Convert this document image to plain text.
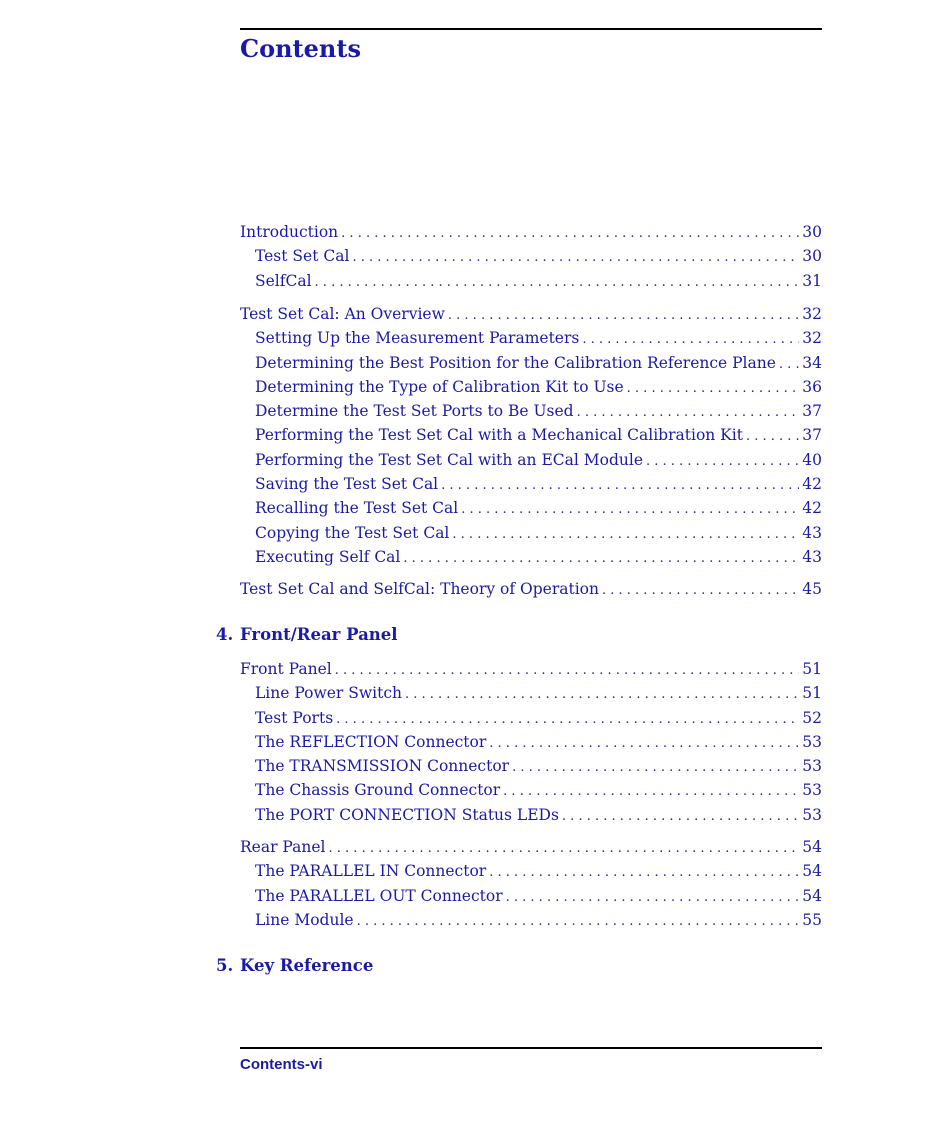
Contents
Introduction . . .	30
Test Set Cal . . .	30
SelfCal . . .	31
Test Set Cal: An Overview . . .	32
Setting Up the Measurement Parameters . . .	32
Determining the Best Position for the Calibration Reference Plane . . . 34
Determining the Type of Calibration Kit to Use . . .	36
Determine the Test Set Ports to Be Used . . .	37
Performing the Test Set Cal with a Mechanical Calibration Kit . . .	37
Performing the Test Set Cal with an ECal Module . . .	40
Saving the Test Set Cal . . .	42
Recalling the Test Set Cal . . .	42
Copying the Test Set Cal . . .	43
Executing Self Cal . . .	43
Test Set Cal and SelfCal: Theory of Operation . . .	45
4. Front/Rear Panel
Front Panel . . .	51
Line Power Switch . . .	51
Test Ports . . .	52
The REFLECTION Connector . . .	53
The TRANSMISSION Connector . . .	53
The Chassis Ground Connector . . .	53
The PORT CONNECTION Status LEDs . . .	53
Rear Panel . . .	54
The PARALLEL IN Connector . . .	54
The PARALLEL OUT Connector . . .	54
Line Module . . .	55
5. Key Reference
Contents-vi
